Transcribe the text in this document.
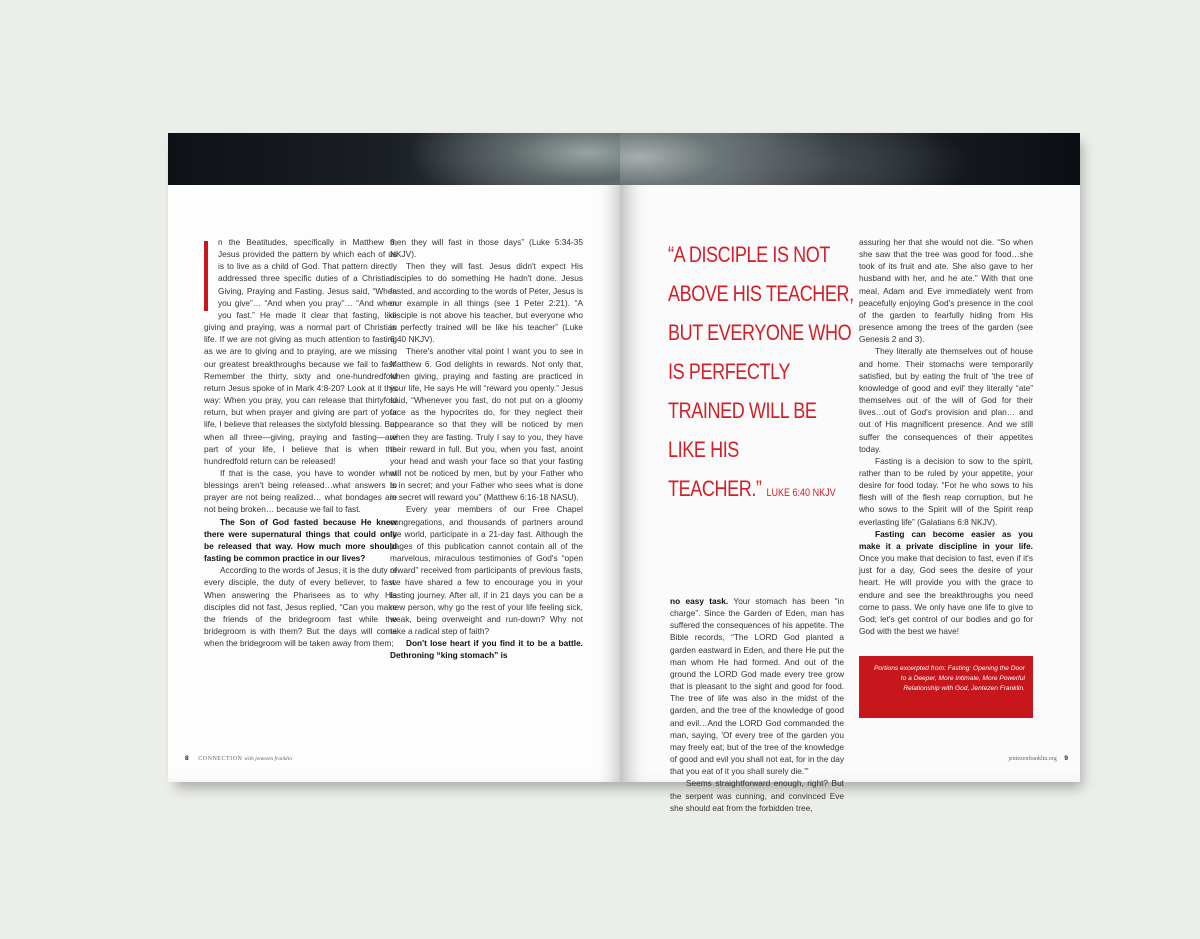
n the Beatitudes, specifically in Matthew 6, Jesus provided the pattern by which each of us is to live as a child of God. That pattern directly addressed three specific duties of a Christian: Giving, Praying and Fasting. Jesus said, “When you give”… “And when you pray”… “And when you fast.” He made it clear that fasting, like giving and praying, was a normal part of Christian life. If we are not giving as much attention to fasting as we are to giving and to praying, are we missing our greatest breakthroughs because we fail to fast. Remember the thirty, sixty and one-hundredfold return Jesus spoke of in Mark 4:8-20? Look at it this way: When you pray, you can release that thirtyfold return, but when prayer and giving are part of your life, I believe that releases the sixtyfold blessing. But when all three—giving, praying and fasting—are part of your life, I believe that is when the hundredfold return can be released!

If that is the case, you have to wonder what blessings aren't being released…what answers to prayer are not being realized… what bondages are not being broken… because we fail to fast.

The Son of God fasted because He knew there were supernatural things that could only be released that way. How much more should fasting be common practice in our lives?

According to the words of Jesus, it is the duty of every disciple, the duty of every believer, to fast. When answering the Pharisees as to why His disciples did not fast, Jesus replied, “Can you make the friends of the bridegroom fast while the bridegroom is with them? But the days will come when the bridegroom will be taken away from them;

then they will fast in those days” (Luke 5:34-35 NKJV).

Then they will fast. Jesus didn't expect His disciples to do something He hadn't done. Jesus fasted, and according to the words of Peter, Jesus is our example in all things (see 1 Peter 2:21). “A disciple is not above his teacher, but everyone who is perfectly trained will be like his teacher” (Luke 6:40 NKJV).

There's another vital point I want you to see in Matthew 6. God delights in rewards. Not only that, when giving, praying and fasting are practiced in your life, He says He will “reward you openly.” Jesus said, “Whenever you fast, do not put on a gloomy face as the hypocrites do, for they neglect their appearance so that they will be noticed by men when they are fasting. Truly I say to you, they have their reward in full. But you, when you fast, anoint your head and wash your face so that your fasting will not be noticed by men, but by your Father who is in secret; and your Father who sees what is done in secret will reward you” (Matthew 6:16-18 NASU).

Every year members of our Free Chapel congregations, and thousands of partners around the world, participate in a 21-day fast. Although the pages of this publication cannot contain all of the marvelous, miraculous testimonies of God's “open reward” received from participants of previous fasts, we have shared a few to encourage you in your fasting journey. After all, if in 21 days you can be a new person, why go the rest of your life feeling sick, weak, being overweight and run-down? Why not take a radical step of faith?

Don't lose heart if you find it to be a battle. Dethroning “king stomach” is

8 CONNECTION with jentezen franklin
“A DISCIPLE IS NOT ABOVE HIS TEACHER, BUT EVERYONE WHO IS PERFECTLY TRAINED WILL BE LIKE HIS TEACHER.” LUKE 6:40 NKJV

no easy task. Your stomach has been “in charge”. Since the Garden of Eden, man has suffered the consequences of his appetite. The Bible records, “The LORD God planted a garden eastward in Eden, and there He put the man whom He had formed. And out of the ground the LORD God made every tree grow that is pleasant to the sight and good for food. The tree of life was also in the midst of the garden, and the tree of the knowledge of good and evil…And the LORD God commanded the man, saying, 'Of every tree of the garden you may freely eat; but of the tree of the knowledge of good and evil you shall not eat, for in the day that you eat of it you shall surely die.'”

Seems straightforward enough, right? But the serpent was cunning, and convinced Eve she should eat from the forbidden tree,

assuring her that she would not die. “So when she saw that the tree was good for food…she took of its fruit and ate. She also gave to her husband with her, and he ate.” With that one meal, Adam and Eve immediately went from peacefully enjoying God's presence in the cool of the garden to fearfully hiding from His presence among the trees of the garden (see Genesis 2 and 3).

They literally ate themselves out of house and home. Their stomachs were temporarily satisfied, but by eating the fruit of 'the tree of knowledge of good and evil' they literally “ate” themselves out of the will of God for their lives…out of God's provision and plan… and out of His magnificent presence. And we still suffer the consequences of their appetites today.

Fasting is a decision to sow to the spirit, rather than to be ruled by your appetite, your desire for food today. “For he who sows to his flesh will of the flesh reap corruption, but he who sows to the Spirit will of the Spirit reap everlasting life” (Galatians 6:8 NKJV).

Fasting can become easier as you make it a private discipline in your life. Once you make that decision to fast, even if it's just for a day, God sees the desire of your heart. He will provide you with the grace to endure and see the breakthroughs you need come to pass. We only have one life to give to God; let's get control of our bodies and go for God with the best we have!

Portions excerpted from: Fasting: Opening the Door to a Deeper, More Intimate, More Powerful Relationship with God, Jentezen Franklin.
jentezenfranklin.org 9
